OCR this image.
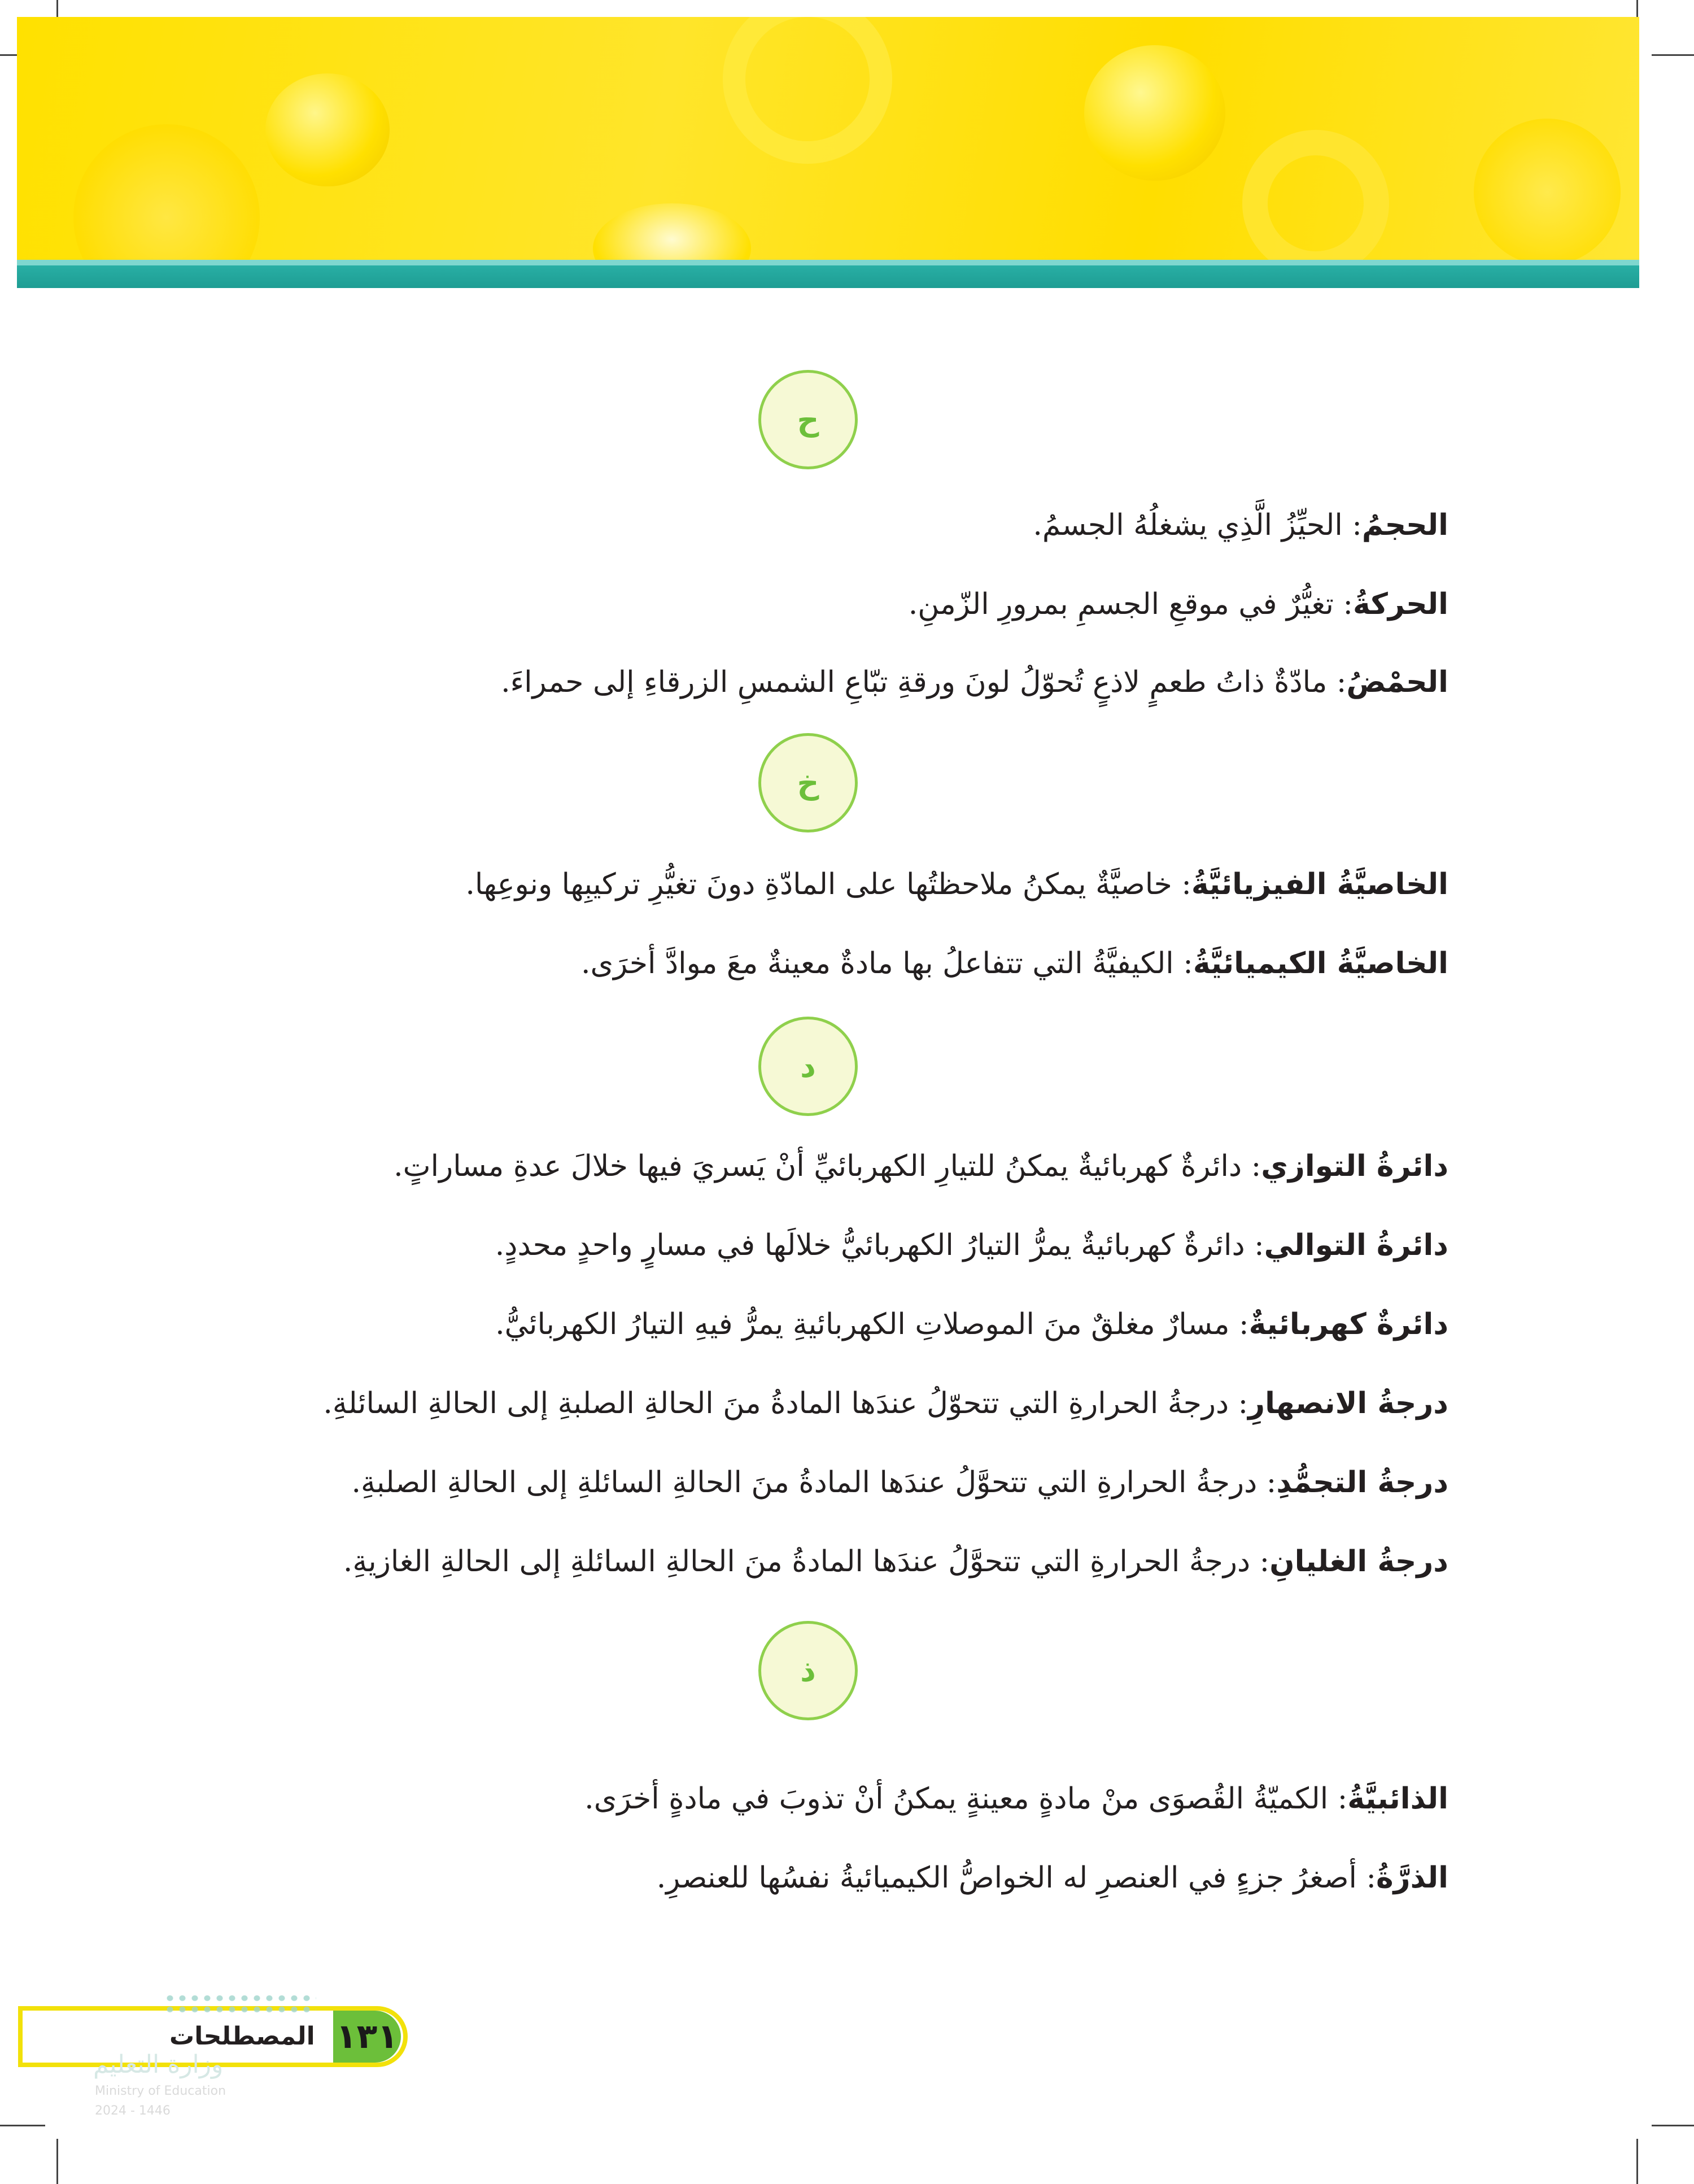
ح
الحجمُ: الحيِّزُ الَّذِي يشغلُهُ الجسمُ.
الحركةُ: تغيُّرٌ في موقعِ الجسمِ بمرورِ الزّمنِ.
الحمْضُ: مادّةٌ ذاتُ طعمٍ لاذعٍ تُحوّلُ لونَ ورقةِ تبّاعِ الشمسِ الزرقاءِ إلى حمراءَ.
خ
الخاصيَّةُ الفيزيائيَّةُ: خاصيَّةٌ يمكنُ ملاحظتُها على المادّةِ دونَ تغيُّرِ تركيبِها ونوعِها.
الخاصيَّةُ الكيميائيَّةُ: الكيفيَّةُ التي تتفاعلُ بها مادةٌ معينةٌ معَ موادَّ أخرَى.
د
دائرةُ التوازي: دائرةٌ كهربائيةٌ يمكنُ للتيارِ الكهربائيِّ أنْ يَسريَ فيها خلالَ عدةِ مساراتٍ.
دائرةُ التوالي: دائرةٌ كهربائيةٌ يمرُّ التيارُ الكهربائيُّ خلالَها في مسارٍ واحدٍ محددٍ.
دائرةٌ كهربائيةٌ: مسارٌ مغلقٌ منَ الموصلاتِ الكهربائيةِ يمرُّ فيهِ التيارُ الكهربائيُّ.
درجةُ الانصهارِ: درجةُ الحرارةِ التي تتحوّلُ عندَها المادةُ منَ الحالةِ الصلبةِ إلى الحالةِ السائلةِ.
درجةُ التجمُّدِ: درجةُ الحرارةِ التي تتحوَّلُ عندَها المادةُ منَ الحالةِ السائلةِ إلى الحالةِ الصلبةِ.
درجةُ الغليانِ: درجةُ الحرارةِ التي تتحوَّلُ عندَها المادةُ منَ الحالةِ السائلةِ إلى الحالةِ الغازيةِ.
ذ
الذائبيَّةُ: الكميّةُ القُصوَى منْ مادةٍ معينةٍ يمكنُ أنْ تذوبَ في مادةٍ أخرَى.
الذرَّةُ: أصغرُ جزءٍ في العنصرِ له الخواصُّ الكيميائيةُ نفسُها للعنصرِ.
١٣١
المصطلحات
وزارة التعليم
Ministry of Education
2024 - 1446
